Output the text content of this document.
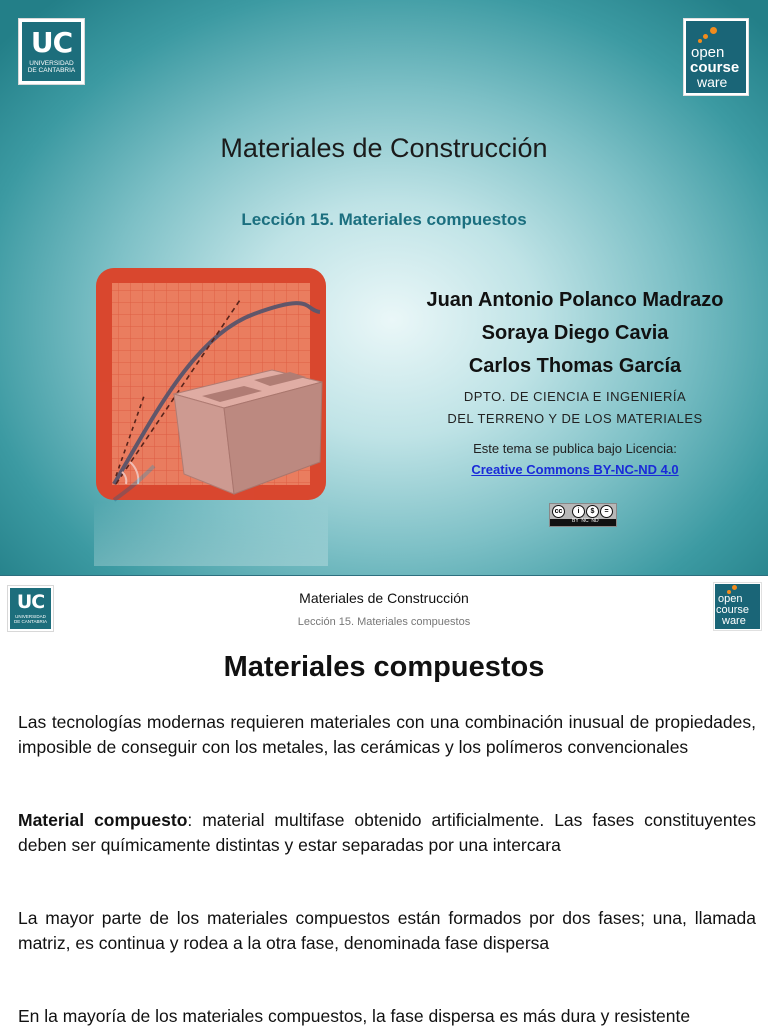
UC
UNIVERSIDAD
DE CANTABRIA
open
course
ware
Materiales de Construcción
Lección 15. Materiales compuestos
Juan Antonio Polanco Madrazo
Soraya Diego Cavia
Carlos Thomas García
DPTO. DE CIENCIA E INGENIERÍA
DEL TERRENO Y DE LOS MATERIALES
Este tema se publica bajo Licencia:
Creative Commons BY-NC-ND 4.0
cc	i	$	=
BY  NC  ND
UC
UNIVERSIDAD
DE CANTABRIA
open
course
ware
Materiales de Construcción
Lección 15. Materiales compuestos
Materiales compuestos
Las tecnologías modernas requieren materiales con una combinación inusual de propiedades, imposible de conseguir con los metales, las cerámicas y los polímeros convencionales
Material compuesto: material multifase obtenido artificialmente. Las fases constituyentes deben ser químicamente distintas y estar separadas por una intercara
La mayor parte de los materiales compuestos están formados por dos fases; una, llamada matriz, es continua y rodea a la otra fase, denominada fase dispersa
En la mayoría de los materiales compuestos, la fase dispersa es más dura y resistente
